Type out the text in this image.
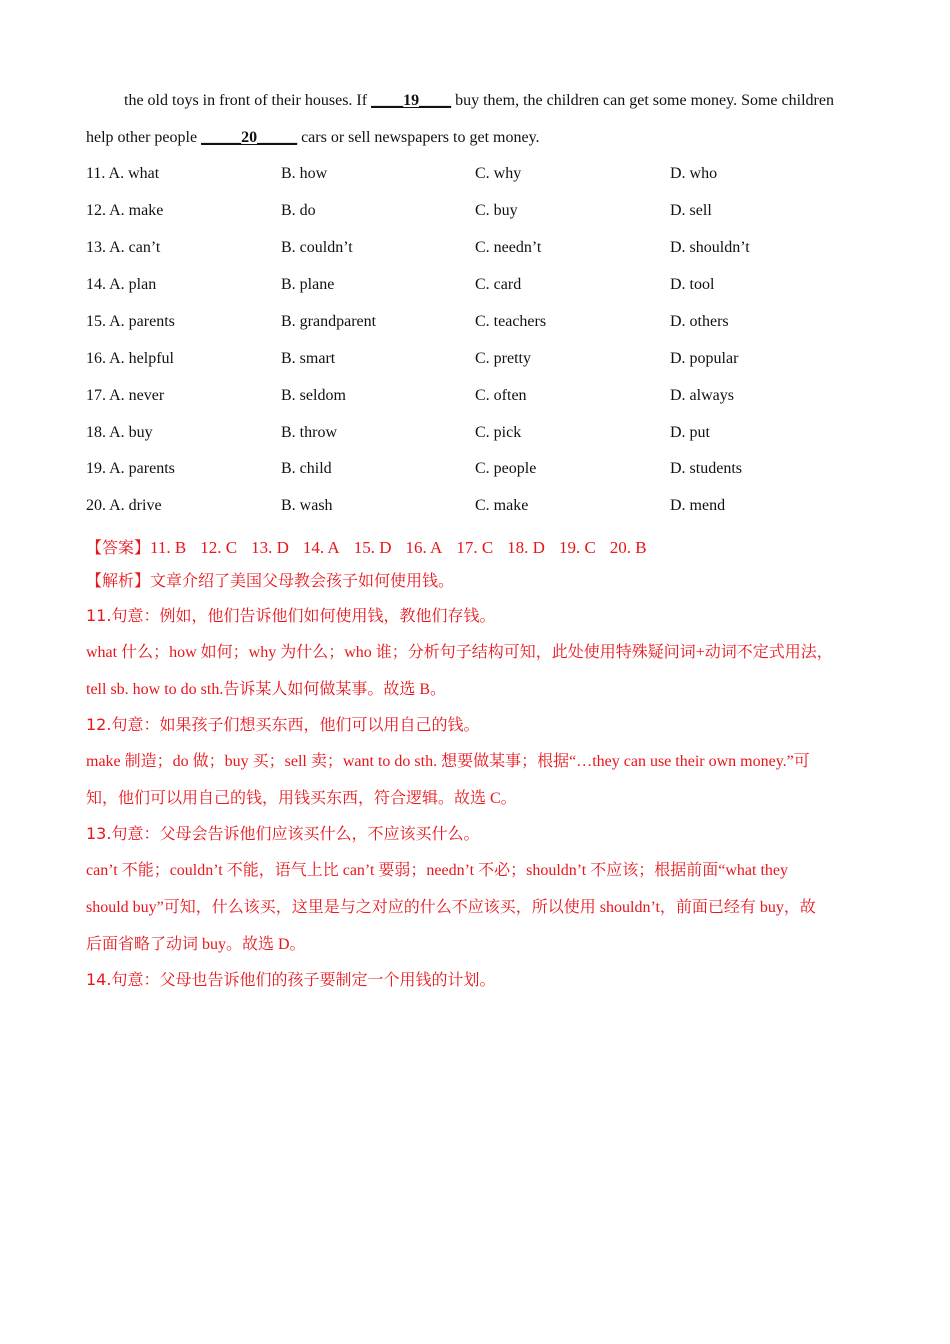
the old toys in front of their houses. If ____19____ buy them, the children can get some money. Some children
help other people _____20_____ cars or sell newspapers to get money.
11. A. what	B. how	C. why	D. who
12. A. make	B. do	C. buy	D. sell
13. A. can’t	B. couldn’t	C. needn’t	D. shouldn’t
14. A. plan	B. plane	C. card	D. tool
15. A. parents	B. grandparent	C. teachers	D. others
16. A. helpful	B. smart	C. pretty	D. popular
17. A. never	B. seldom	C. often	D. always
18. A. buy	B. throw	C. pick	D. put
19. A. parents	B. child	C. people	D. students
20. A. drive	B. wash	C. make	D. mend
【答案】11. B 12. C 13. D 14. A 15. D 16. A 17. C 18. D 19. C 20. B
【解析】文章介绍了美国父母教会孩子如何使用钱。
11.句意：例如，他们告诉他们如何使用钱，教他们存钱。
what 什么；how 如何；why 为什么；who 谁；分析句子结构可知，此处使用特殊疑问词+动词不定式用法，
tell sb. how to do sth.告诉某人如何做某事。故选 B。
12.句意：如果孩子们想买东西，他们可以用自己的钱。
make 制造；do 做；buy 买；sell 卖；want to do sth. 想要做某事；根据“…they can use their own money.”可
知，他们可以用自己的钱，用钱买东西，符合逻辑。故选 C。
13.句意：父母会告诉他们应该买什么，不应该买什么。
can’t 不能；couldn’t 不能，语气上比 can’t 要弱；needn’t 不必；shouldn’t 不应该；根据前面“what they
should buy”可知，什么该买，这里是与之对应的什么不应该买，所以使用 shouldn’t，前面已经有 buy，故
后面省略了动词 buy。故选 D。
14.句意：父母也告诉他们的孩子要制定一个用钱的计划。
